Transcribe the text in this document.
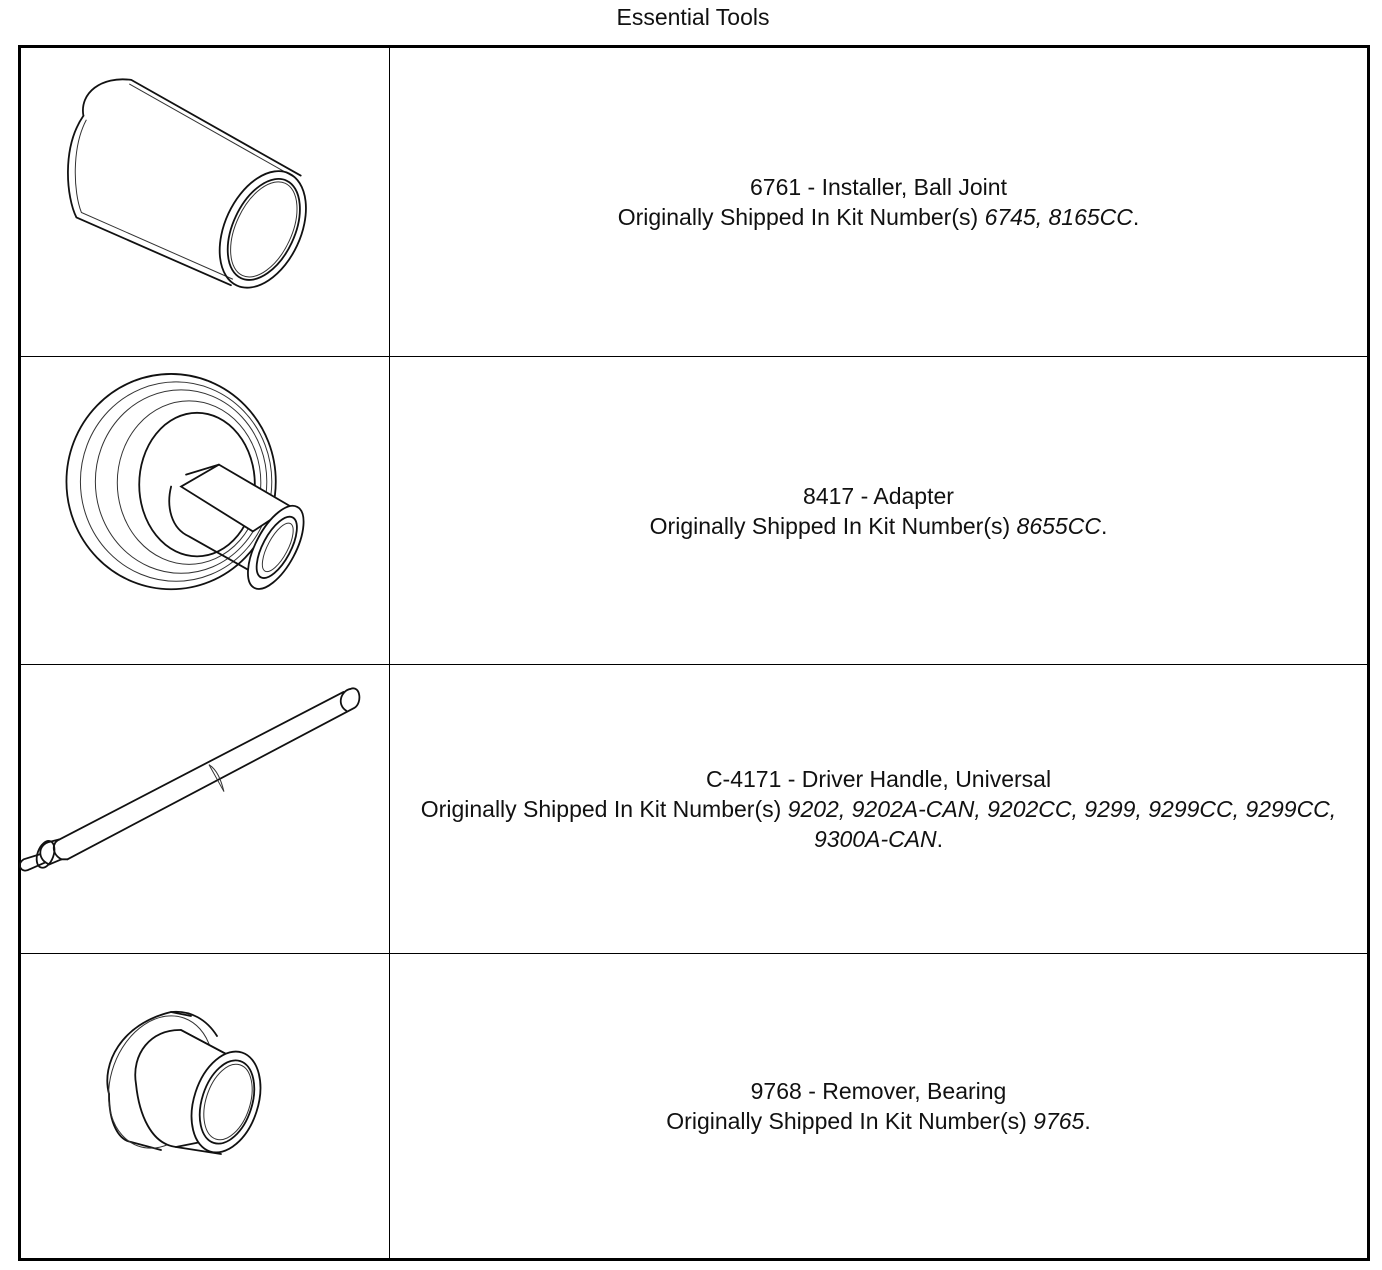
Essential Tools
6761 - Installer, Ball Joint
Originally Shipped In Kit Number(s) 6745, 8165CC.
8417 - Adapter
Originally Shipped In Kit Number(s) 8655CC.
C-4171 - Driver Handle, Universal
Originally Shipped In Kit Number(s) 9202, 9202A-CAN, 9202CC, 9299, 9299CC, 9299CC, 9300A-CAN.
9768 - Remover, Bearing
Originally Shipped In Kit Number(s) 9765.
